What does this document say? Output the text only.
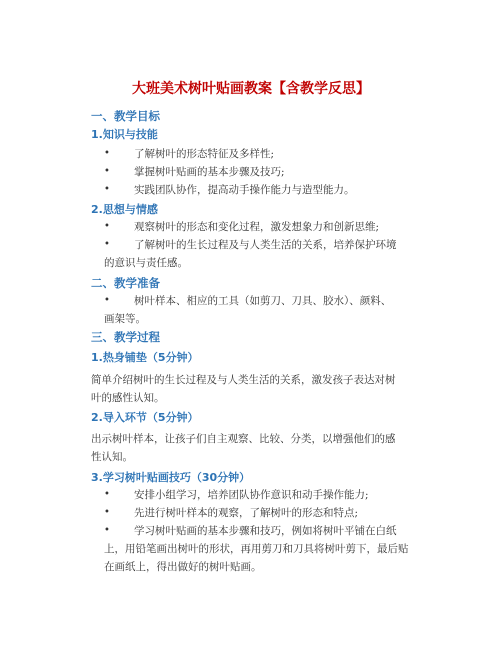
大班美术树叶贴画教案【含教学反思】
一、教学目标
1.知识与技能
•	了解树叶的形态特征及多样性;
•	掌握树叶贴画的基本步骤及技巧;
•	实践团队协作，提高动手操作能力与造型能力。
2.思想与情感
•	观察树叶的形态和变化过程，激发想象力和创新思维;
•	了解树叶的生长过程及与人类生活的关系，培养保护环境
的意识与责任感。
二、教学准备
•	树叶样本、相应的工具（如剪刀、刀具、胶水）、颜料、
画架等。
三、教学过程
1.热身铺垫（5分钟）
简单介绍树叶的生长过程及与人类生活的关系，激发孩子表达对树
叶的感性认知。
2.导入环节（5分钟）
出示树叶样本，让孩子们自主观察、比较、分类，以增强他们的感
性认知。
3.学习树叶贴画技巧（30分钟）
•	安排小组学习，培养团队协作意识和动手操作能力;
•	先进行树叶样本的观察，了解树叶的形态和特点;
•	学习树叶贴画的基本步骤和技巧，例如将树叶平铺在白纸
上，用铅笔画出树叶的形状，再用剪刀和刀具将树叶剪下，最后贴
在画纸上，得出做好的树叶贴画。
